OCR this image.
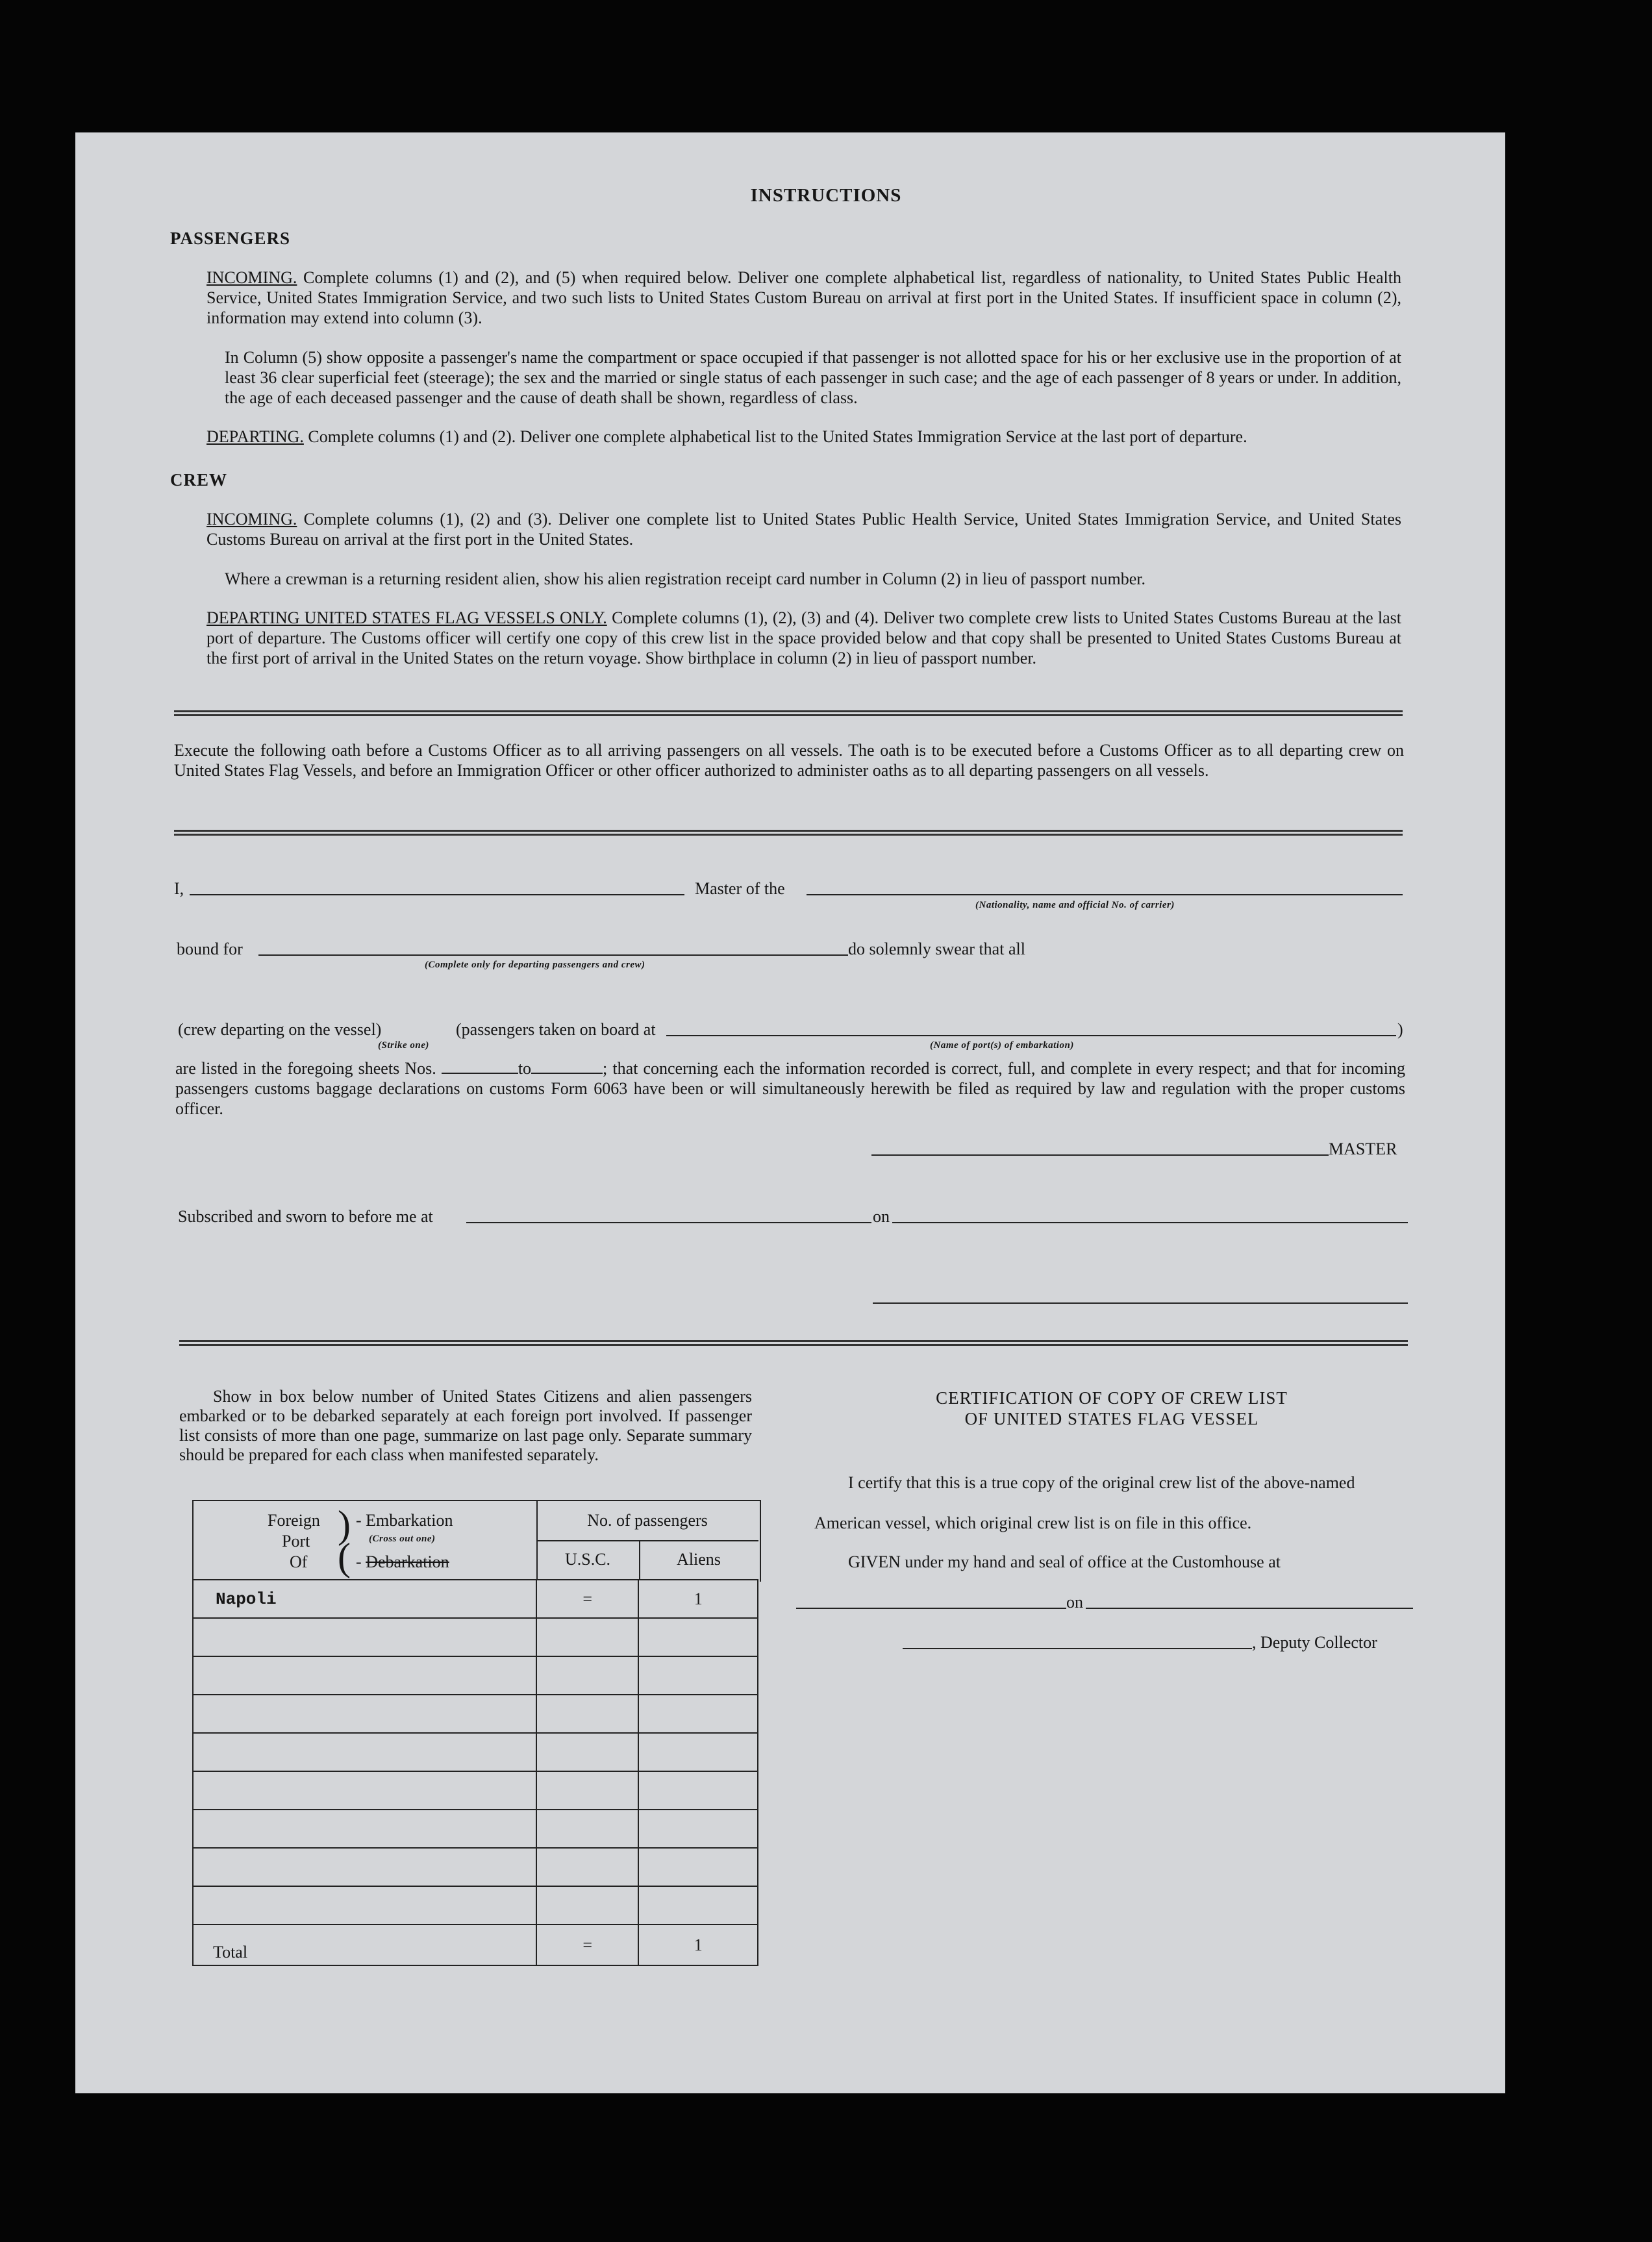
INSTRUCTIONS
PASSENGERS
INCOMING. Complete columns (1) and (2), and (5) when required below. Deliver one complete alphabetical list, regardless of nationality, to United States Public Health Service, United States Immigration Service, and two such lists to United States Custom Bureau on arrival at first port in the United States. If insufficient space in column (2), information may extend into column (3).
In Column (5) show opposite a passenger's name the compartment or space occupied if that passenger is not allotted space for his or her exclusive use in the proportion of at least 36 clear superficial feet (steerage); the sex and the married or single status of each passenger in such case; and the age of each passenger of 8 years or under. In addition, the age of each deceased passenger and the cause of death shall be shown, regardless of class.
DEPARTING. Complete columns (1) and (2). Deliver one complete alphabetical list to the United States Immigration Service at the last port of departure.
CREW
INCOMING. Complete columns (1), (2) and (3). Deliver one complete list to United States Public Health Service, United States Immigration Service, and United States Customs Bureau on arrival at the first port in the United States.
Where a crewman is a returning resident alien, show his alien registration receipt card number in Column (2) in lieu of passport number.
DEPARTING UNITED STATES FLAG VESSELS ONLY. Complete columns (1), (2), (3) and (4). Deliver two complete crew lists to United States Customs Bureau at the last port of departure. The Customs officer will certify one copy of this crew list in the space provided below and that copy shall be presented to United States Customs Bureau at the first port of arrival in the United States on the return voyage. Show birthplace in column (2) in lieu of passport number.
Execute the following oath before a Customs Officer as to all arriving passengers on all vessels. The oath is to be executed before a Customs Officer as to all departing crew on United States Flag Vessels, and before an Immigration Officer or other officer authorized to administer oaths as to all departing passengers on all vessels.
I,	Master of the
(Nationality, name and official No. of carrier)
bound for	do solemnly swear that all
(Complete only for departing passengers and crew)
(crew departing on the vessel)	(passengers taken on board at	)
(Strike one)	(Name of port(s) of embarkation)
are listed in the foregoing sheets Nos.	to	; that concerning each the information recorded is correct, full, and complete in every respect; and that for incoming passengers customs baggage declarations on customs Form 6063 have been or will simultaneously herewith be filed as required by law and regulation with the proper customs officer.
MASTER
Subscribed and sworn to before me at	on
Show in box below number of United States Citizens and alien passengers embarked or to be debarked separately at each foreign port involved. If passenger list consists of more than one page, summarize on last page only. Separate summary should be prepared for each class when manifested separately.
Foreign
Port
Of
)
(
- Embarkation
(Cross out one)
- Debarkation
No. of passengers
U.S.C.	Aliens
Napoli	=	1

Total	=	1
CERTIFICATION OF COPY OF CREW LIST
OF UNITED STATES FLAG VESSEL
I certify that this is a true copy of the original crew list of the above-named
American vessel, which original crew list is on file in this office.
GIVEN under my hand and seal of office at the Customhouse at
on
, Deputy Collector
